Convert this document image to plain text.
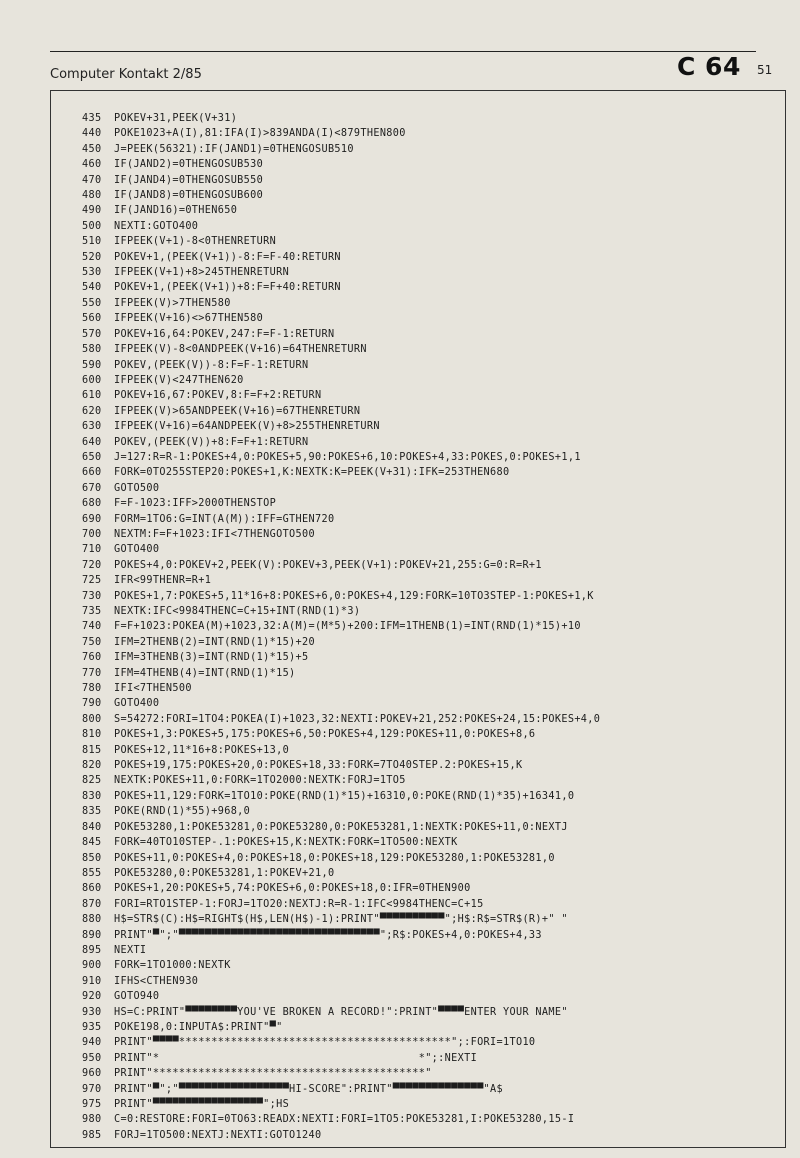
Computer Kontakt 2/85	C 64 51
435 POKEV+31,PEEK(V+31)
440 POKE1023+A(I),81:IFA(I)>839ANDA(I)<879THEN800
450 J=PEEK(56321):IF(JAND1)=0THENGOSUB510
460 IF(JAND2)=0THENGOSUB530
470 IF(JAND4)=0THENGOSUB550
480 IF(JAND8)=0THENGOSUB600
490 IF(JAND16)=0THEN650
500 NEXTI:GOTO400
510 IFPEEK(V+1)-8<0THENRETURN
520 POKEV+1,(PEEK(V+1))-8:F=F-40:RETURN
530 IFPEEK(V+1)+8>245THENRETURN
540 POKEV+1,(PEEK(V+1))+8:F=F+40:RETURN
550 IFPEEK(V)>7THEN580
560 IFPEEK(V+16)<>67THEN580
570 POKEV+16,64:POKEV,247:F=F-1:RETURN
580 IFPEEK(V)-8<0ANDPEEK(V+16)=64THENRETURN
590 POKEV,(PEEK(V))-8:F=F-1:RETURN
600 IFPEEK(V)<247THEN620
610 POKEV+16,67:POKEV,8:F=F+2:RETURN
620 IFPEEK(V)>65ANDPEEK(V+16)=67THENRETURN
630 IFPEEK(V+16)=64ANDPEEK(V)+8>255THENRETURN
640 POKEV,(PEEK(V))+8:F=F+1:RETURN
650 J=127:R=R-1:POKES+4,0:POKES+5,90:POKES+6,10:POKES+4,33:POKES,0:POKES+1,1
660 FORK=0TO255STEP20:POKES+1,K:NEXTK:K=PEEK(V+31):IFK=253THEN680
670 GOTO500
680 F=F-1023:IFF>2000THENSTOP
690 FORM=1TO6:G=INT(A(M)):IFF=GTHEN720
700 NEXTM:F=F+1023:IFI<7THENGOTO500
710 GOTO400
720 POKES+4,0:POKEV+2,PEEK(V):POKEV+3,PEEK(V+1):POKEV+21,255:G=0:R=R+1
725 IFR<99THENR=R+1
730 POKES+1,7:POKES+5,11*16+8:POKES+6,0:POKES+4,129:FORK=10TO3STEP-1:POKES+1,K
735 NEXTK:IFC<9984THENC=C+15+INT(RND(1)*3)
740 F=F+1023:POKEA(M)+1023,32:A(M)=(M*5)+200:IFM=1THENB(1)=INT(RND(1)*15)+10
750 IFM=2THENB(2)=INT(RND(1)*15)+20
760 IFM=3THENB(3)=INT(RND(1)*15)+5
770 IFM=4THENB(4)=INT(RND(1)*15)
780 IFI<7THEN500
790 GOTO400
800 S=54272:FORI=1TO4:POKEA(I)+1023,32:NEXTI:POKEV+21,252:POKES+24,15:POKES+4,0
810 POKES+1,3:POKES+5,175:POKES+6,50:POKES+4,129:POKES+11,0:POKES+8,6
815 POKES+12,11*16+8:POKES+13,0
820 POKES+19,175:POKES+20,0:POKES+18,33:FORK=7TO40STEP.2:POKES+15,K
825 NEXTK:POKES+11,0:FORK=1TO2000:NEXTK:FORJ=1TO5
830 POKES+11,129:FORK=1TO10:POKE(RND(1)*15)+16310,0:POKE(RND(1)*35)+16341,0
835 POKE(RND(1)*55)+968,0
840 POKE53280,1:POKE53281,0:POKE53280,0:POKE53281,1:NEXTK:POKES+11,0:NEXTJ
845 FORK=40TO10STEP-.1:POKES+15,K:NEXTK:FORK=1TO500:NEXTK
850 POKES+11,0:POKES+4,0:POKES+18,0:POKES+18,129:POKE53280,1:POKE53281,0
855 POKE53280,0:POKE53281,1:POKEV+21,0
860 POKES+1,20:POKES+5,74:POKES+6,0:POKES+18,0:IFR=0THEN900
870 FORI=RTO1STEP-1:FORJ=1TO20:NEXTJ:R=R-1:IFC<9984THENC=C+15
880 H$=STR$(C):H$=RIGHT$(H$,LEN(H$)-1):PRINT"▀▀▀▀▀▀▀▀▀▀";H$:R$=STR$(R)+" "
890 PRINT"▀";"▀▀▀▀▀▀▀▀▀▀▀▀▀▀▀▀▀▀▀▀▀▀▀▀▀▀▀▀▀▀▀";R$:POKES+4,0:POKES+4,33
895 NEXTI
900 FORK=1TO1000:NEXTK
910 IFHS<CTHEN930
920 GOTO940
930 HS=C:PRINT"▀▀▀▀▀▀▀▀YOU'VE BROKEN A RECORD!":PRINT"▀▀▀▀ENTER YOUR NAME"
935 POKE198,0:INPUTA$:PRINT"▀"
940 PRINT"▀▀▀▀******************************************";:FORI=1TO10
950 PRINT"*                                        *";:NEXTI
960 PRINT"******************************************"
970 PRINT"▀";"▀▀▀▀▀▀▀▀▀▀▀▀▀▀▀▀▀HI-SCORE":PRINT"▀▀▀▀▀▀▀▀▀▀▀▀▀▀"A$
975 PRINT"▀▀▀▀▀▀▀▀▀▀▀▀▀▀▀▀▀";HS
980 C=0:RESTORE:FORI=0TO63:READX:NEXTI:FORI=1TO5:POKE53281,I:POKE53280,15-I
985 FORJ=1TO500:NEXTJ:NEXTI:GOTO1240
